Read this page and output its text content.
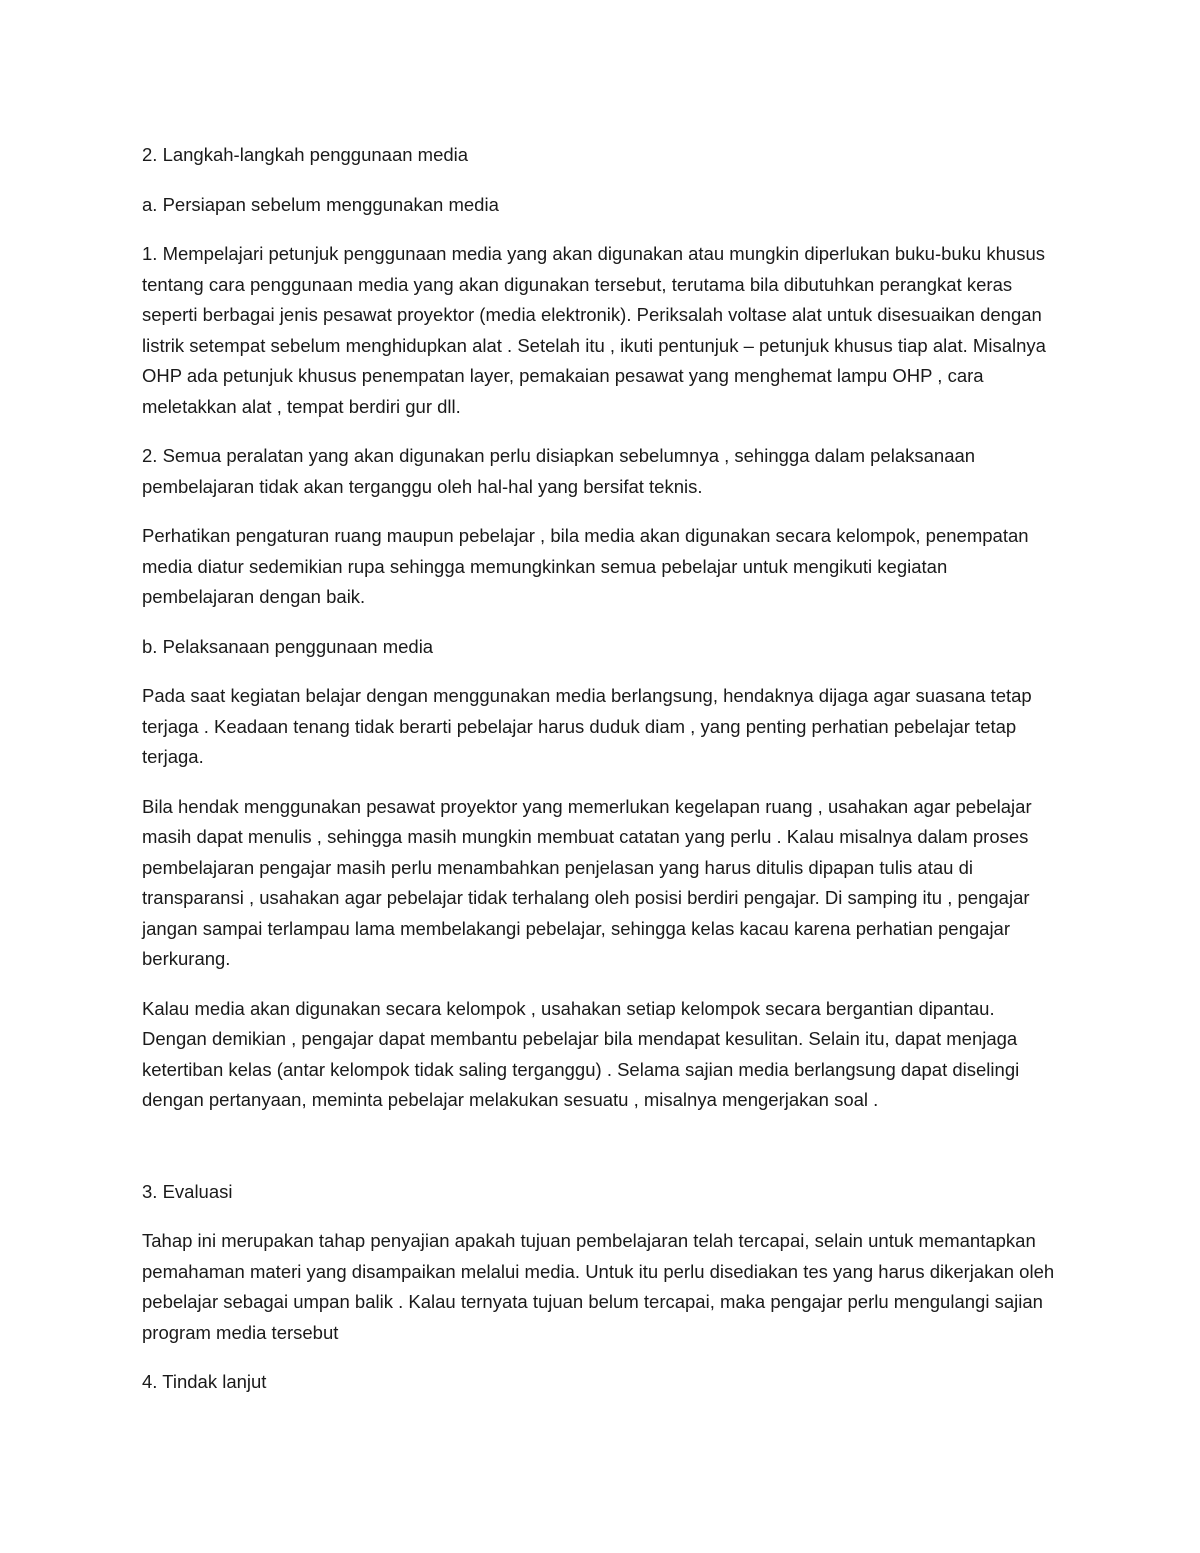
2. Langkah-langkah penggunaan media

a. Persiapan sebelum menggunakan media

1. Mempelajari petunjuk penggunaan media yang akan digunakan atau mungkin diperlukan buku-buku khusus tentang cara penggunaan media yang akan digunakan tersebut, terutama bila dibutuhkan perangkat keras seperti berbagai jenis pesawat proyektor (media elektronik). Periksalah voltase alat untuk disesuaikan dengan listrik setempat sebelum menghidupkan alat . Setelah itu , ikuti pentunjuk – petunjuk khusus tiap alat. Misalnya OHP ada petunjuk khusus penempatan layer, pemakaian pesawat yang menghemat lampu OHP , cara meletakkan alat , tempat berdiri gur dll.

2. Semua peralatan yang akan digunakan perlu disiapkan sebelumnya , sehingga dalam pelaksanaan pembelajaran tidak akan terganggu oleh hal-hal yang bersifat teknis.

Perhatikan pengaturan ruang maupun pebelajar , bila media akan digunakan secara kelompok, penempatan media diatur sedemikian rupa sehingga memungkinkan semua pebelajar untuk mengikuti kegiatan pembelajaran dengan baik.

b. Pelaksanaan penggunaan media

Pada saat kegiatan belajar dengan menggunakan media berlangsung, hendaknya dijaga agar suasana tetap terjaga . Keadaan tenang tidak berarti pebelajar harus duduk diam , yang penting perhatian pebelajar tetap terjaga.

Bila hendak menggunakan pesawat proyektor yang memerlukan kegelapan ruang , usahakan agar pebelajar masih dapat menulis , sehingga masih mungkin membuat catatan yang perlu . Kalau misalnya dalam proses pembelajaran pengajar masih perlu menambahkan penjelasan yang harus ditulis dipapan tulis atau di transparansi , usahakan agar pebelajar tidak terhalang oleh posisi berdiri pengajar. Di samping itu , pengajar jangan sampai terlampau lama membelakangi pebelajar, sehingga kelas kacau karena perhatian pengajar berkurang.

Kalau media akan digunakan secara kelompok , usahakan setiap kelompok secara bergantian dipantau. Dengan demikian , pengajar dapat membantu pebelajar bila mendapat kesulitan. Selain itu, dapat menjaga ketertiban kelas (antar kelompok tidak saling terganggu) . Selama sajian media berlangsung dapat diselingi dengan pertanyaan, meminta pebelajar melakukan sesuatu , misalnya mengerjakan soal .

3. Evaluasi

Tahap ini merupakan tahap penyajian apakah tujuan pembelajaran telah tercapai, selain untuk memantapkan pemahaman materi yang disampaikan melalui media. Untuk itu perlu disediakan tes yang harus dikerjakan oleh pebelajar sebagai umpan balik . Kalau ternyata tujuan belum tercapai, maka pengajar perlu mengulangi sajian program media tersebut

4. Tindak lanjut
